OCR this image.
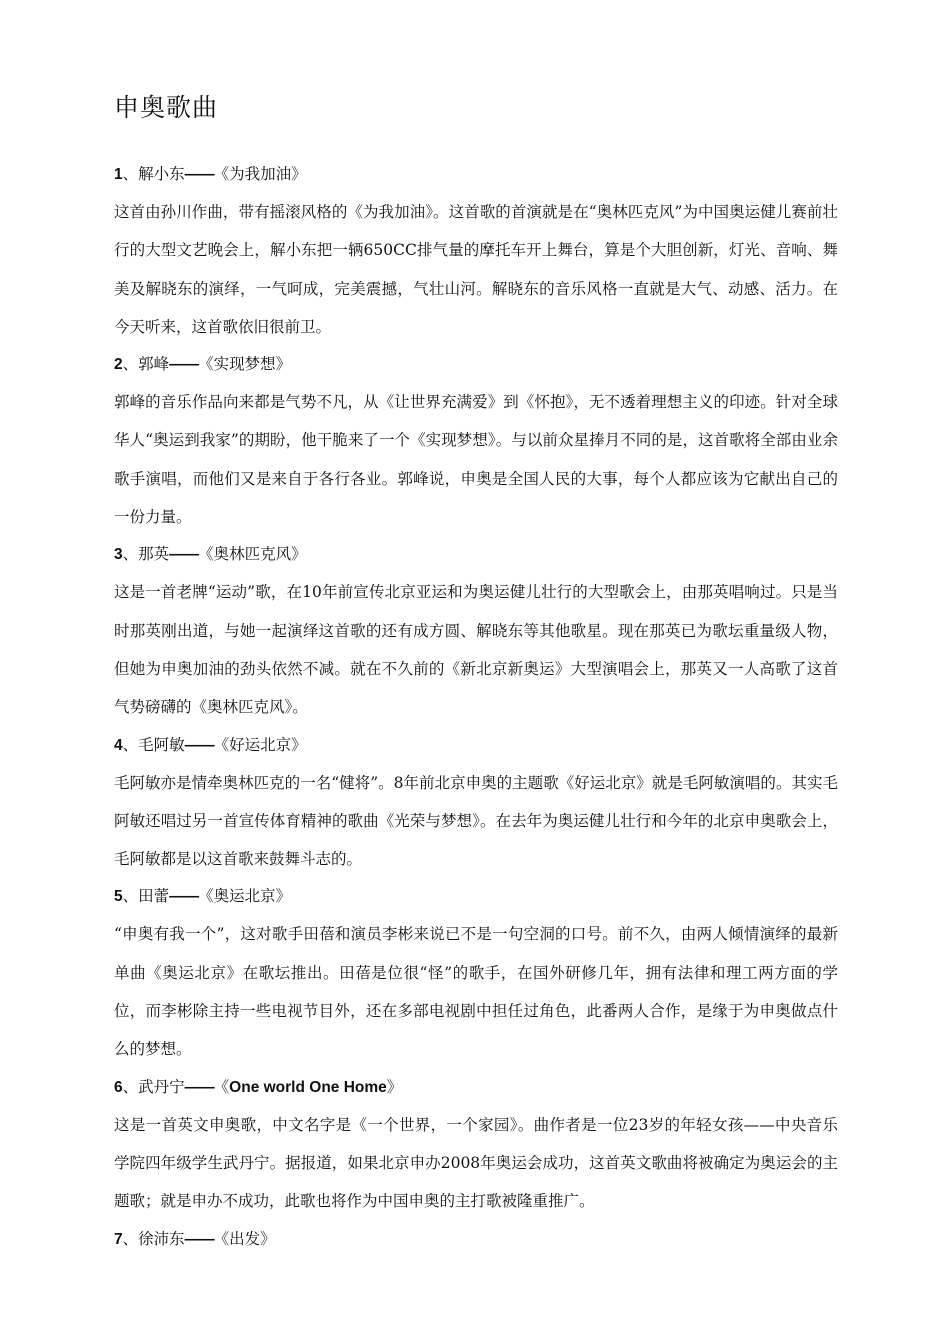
申奥歌曲
1、解小东——《为我加油》

这首由孙川作曲，带有摇滚风格的《为我加油》。这首歌的首演就是在“奥林匹克风”为中国奥运健儿赛前壮行的大型文艺晚会上，解小东把一辆650CC排气量的摩托车开上舞台，算是个大胆创新，灯光、音响、舞美及解晓东的演绎，一气呵成，完美震撼，气壮山河。解晓东的音乐风格一直就是大气、动感、活力。在今天听来，这首歌依旧很前卫。

2、郭峰——《实现梦想》

郭峰的音乐作品向来都是气势不凡，从《让世界充满爱》到《怀抱》，无不透着理想主义的印迹。针对全球华人“奥运到我家”的期盼，他干脆来了一个《实现梦想》。与以前众星捧月不同的是，这首歌将全部由业余歌手演唱，而他们又是来自于各行各业。郭峰说，申奥是全国人民的大事，每个人都应该为它献出自己的一份力量。

3、那英——《奥林匹克风》

这是一首老牌“运动”歌，在10年前宣传北京亚运和为奥运健儿壮行的大型歌会上，由那英唱响过。只是当时那英刚出道，与她一起演绎这首歌的还有成方圆、解晓东等其他歌星。现在那英已为歌坛重量级人物，但她为申奥加油的劲头依然不减。就在不久前的《新北京新奥运》大型演唱会上，那英又一人高歌了这首气势磅礴的《奥林匹克风》。

4、毛阿敏——《好运北京》

毛阿敏亦是情牵奥林匹克的一名“健将”。8年前北京申奥的主题歌《好运北京》就是毛阿敏演唱的。其实毛阿敏还唱过另一首宣传体育精神的歌曲《光荣与梦想》。在去年为奥运健儿壮行和今年的北京申奥歌会上，毛阿敏都是以这首歌来鼓舞斗志的。

5、田蕾——《奥运北京》

“申奥有我一个”，这对歌手田蓓和演员李彬来说已不是一句空洞的口号。前不久，由两人倾情演绎的最新单曲《奥运北京》在歌坛推出。田蓓是位很“怪”的歌手，在国外研修几年，拥有法律和理工两方面的学位，而李彬除主持一些电视节目外，还在多部电视剧中担任过角色，此番两人合作，是缘于为申奥做点什么的梦想。

6、武丹宁——《One world One Home》

这是一首英文申奥歌，中文名字是《一个世界，一个家园》。曲作者是一位23岁的年轻女孩——中央音乐学院四年级学生武丹宁。据报道，如果北京申办2008年奥运会成功，这首英文歌曲将被确定为奥运会的主题歌；就是申办不成功，此歌也将作为中国申奥的主打歌被隆重推广。

7、徐沛东——《出发》
